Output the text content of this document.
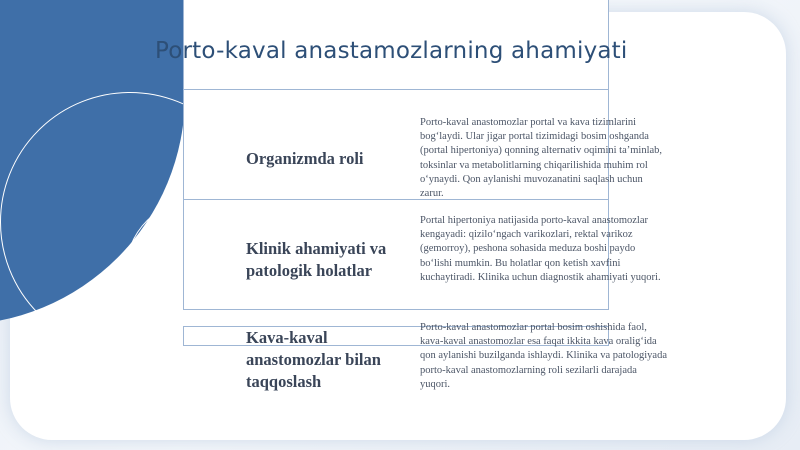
Porto-kaval anastamozlarning ahamiyati
Organizmda roli
Porto-kaval anastomozlar portal va kava tizimlarini bog‘laydi. Ular jigar portal tizimidagi bosim oshganda (portal hipertoniya) qonning alternativ oqimini ta’minlab, toksinlar va metabolitlarning chiqarilishida muhim rol o‘ynaydi. Qon aylanishi muvozanatini saqlash uchun zarur.
Klinik ahamiyati va patologik holatlar
Portal hipertoniya natijasida porto-kaval anastomozlar kengayadi: qizilo‘ngach varikozlari, rektal varikoz (gemorroy), peshona sohasida meduza boshi paydo bo‘lishi mumkin. Bu holatlar qon ketish xavfini kuchaytiradi. Klinika uchun diagnostik ahamiyati yuqori.
Kava-kaval anastomozlar bilan taqqoslash
Porto-kaval anastomozlar portal bosim oshishida faol, kava-kaval anastomozlar esa faqat ikkita kava oralig‘ida qon aylanishi buzilganda ishlaydi. Klinika va patologiyada porto-kaval anastomozlarning roli sezilarli darajada yuqori.
